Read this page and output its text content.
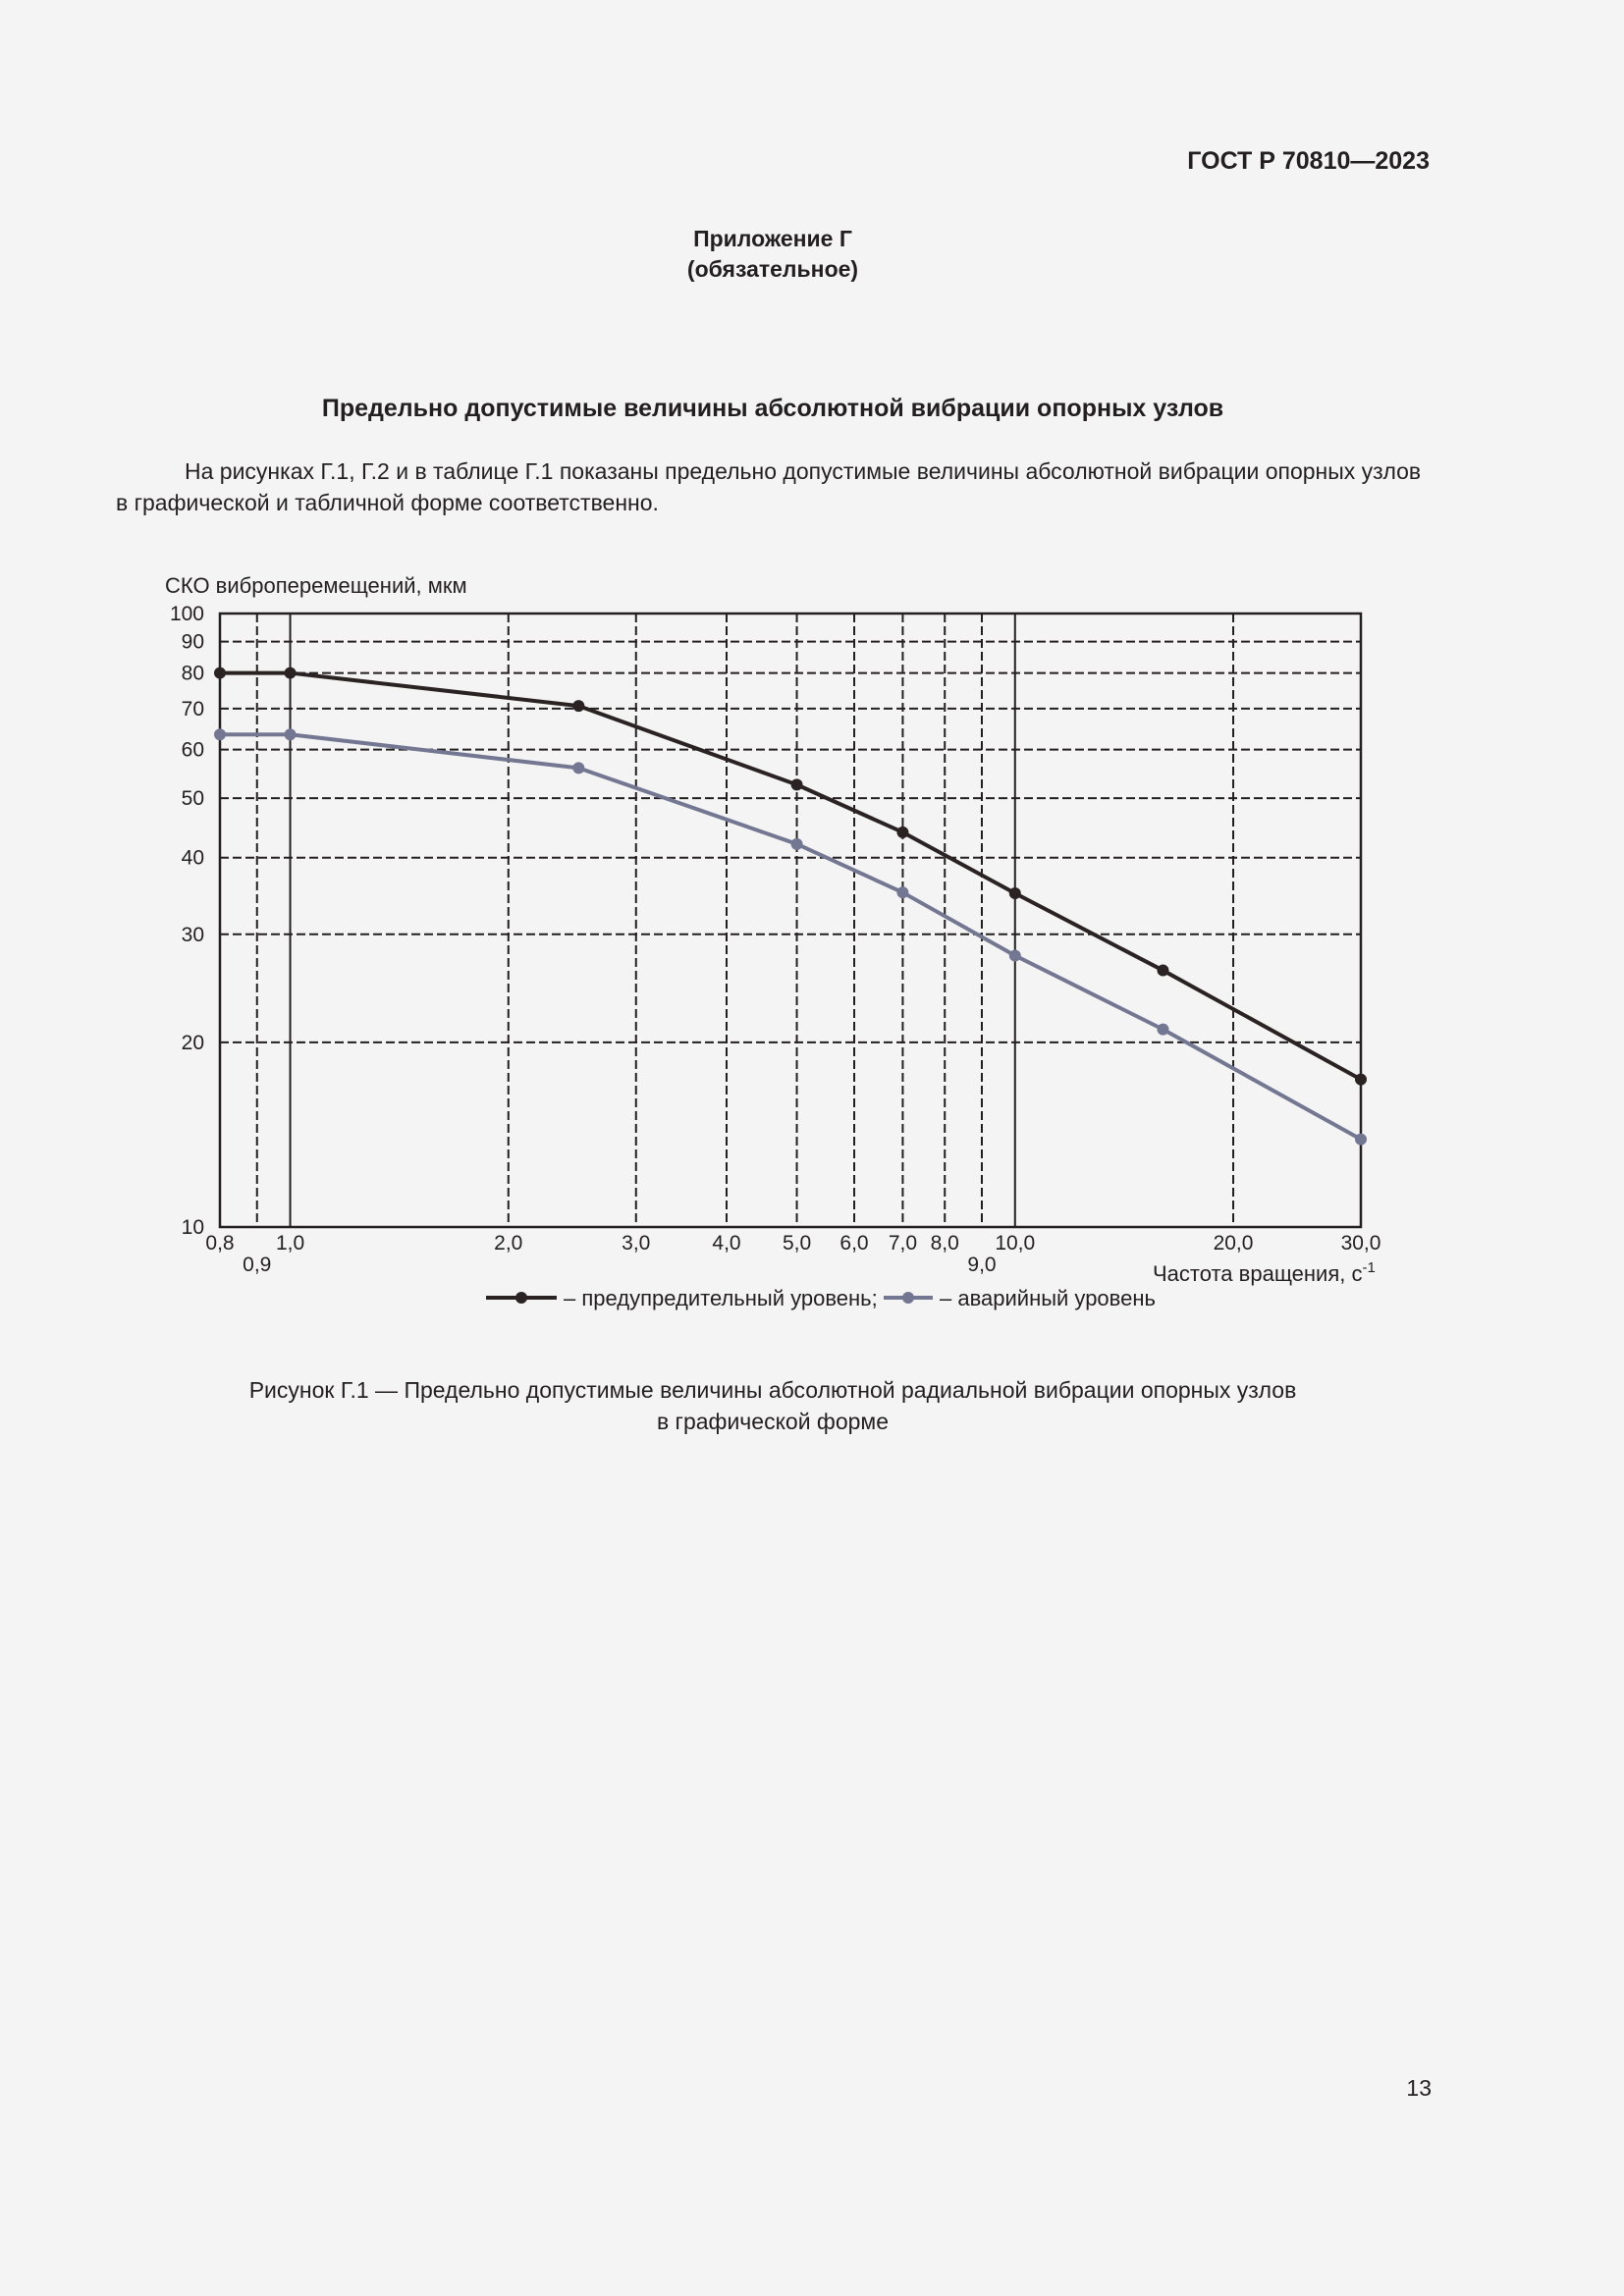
ГОСТ Р 70810—2023
Приложение Г
(обязательное)
Предельно допустимые величины абсолютной вибрации опорных узлов

На рисунках Г.1, Г.2 и в таблице Г.1 показаны предельно допустимые величины абсолютной вибрации опорных узлов в графической и табличной форме соответственно.

10
20
30
40
50
60
70
80
90
100
0,8
0,9
1,0	2,0	3,0	4,0 5,0 6,0 7,0 8,0
9,0
10,0	20,0	30,0
СКО виброперемещений, мкм
Частота вращения, $с^{-1}$
– предупредительный уровень;	– аварийный уровень
Рисунок Г.1 — Предельно допустимые величины абсолютной радиальной вибрации опорных узлов
в графической форме
13
